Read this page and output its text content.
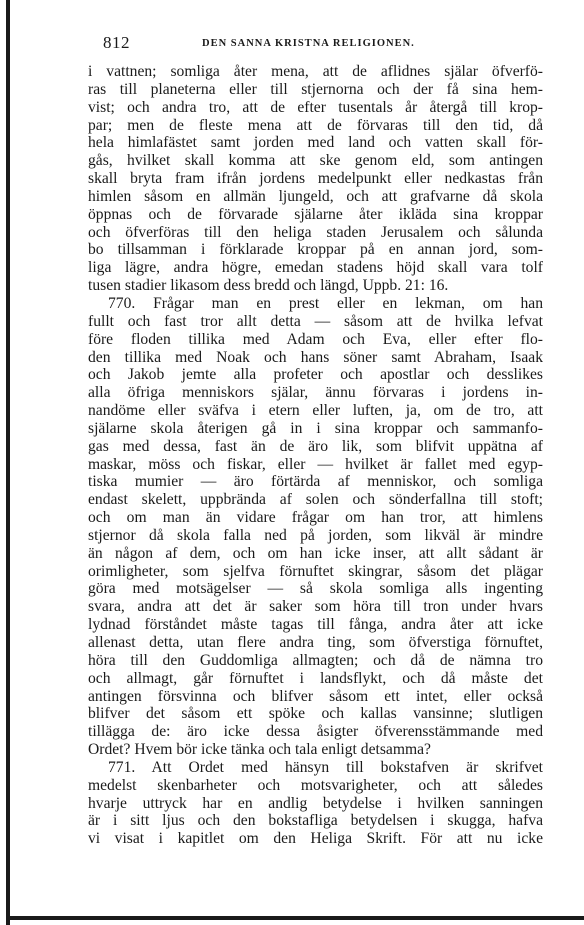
812	DEN SANNA KRISTNA RELIGIONEN.
i vattnen; somliga åter mena, att de aflidnes själar öfverfö-
ras till planeterna eller till stjernorna och der få sina hem-
vist; och andra tro, att de efter tusentals år återgå till krop-
par; men de fleste mena att de förvaras till den tid, då
hela himlafästet samt jorden med land och vatten skall för-
gås, hvilket skall komma att ske genom eld, som antingen
skall bryta fram ifrån jordens medelpunkt eller nedkastas från
himlen såsom en allmän ljungeld, och att grafvarne då skola
öppnas och de förvarade själarne åter ikläda sina kroppar
och öfverföras till den heliga staden Jerusalem och sålunda
bo tillsamman i förklarade kroppar på en annan jord, som-
liga lägre, andra högre, emedan stadens höjd skall vara tolf
tusen stadier likasom dess bredd och längd, Uppb. 21: 16.
770. Frågar man en prest eller en lekman, om han
fullt och fast tror allt detta — såsom att de hvilka lefvat
före floden tillika med Adam och Eva, eller efter flo-
den tillika med Noak och hans söner samt Abraham, Isaak
och Jakob jemte alla profeter och apostlar och desslikes
alla öfriga menniskors själar, ännu förvaras i jordens in-
nandöme eller sväfva i etern eller luften, ja, om de tro, att
själarne skola återigen gå in i sina kroppar och sammanfo-
gas med dessa, fast än de äro lik, som blifvit uppätna af
maskar, möss och fiskar, eller — hvilket är fallet med egyp-
tiska mumier — äro förtärda af menniskor, och somliga
endast skelett, uppbrända af solen och sönderfallna till stoft;
och om man än vidare frågar om han tror, att himlens
stjernor då skola falla ned på jorden, som likväl är mindre
än någon af dem, och om han icke inser, att allt sådant är
orimligheter, som sjelfva förnuftet skingrar, såsom det plägar
göra med motsägelser — så skola somliga alls ingenting
svara, andra att det är saker som höra till tron under hvars
lydnad förståndet måste tagas till fånga, andra åter att icke
allenast detta, utan flere andra ting, som öfverstiga förnuftet,
höra till den Guddomliga allmagten; och då de nämna tro
och allmagt, går förnuftet i landsflykt, och då måste det
antingen försvinna och blifver såsom ett intet, eller också
blifver det såsom ett spöke och kallas vansinne; slutligen
tillägga de: äro icke dessa åsigter öfverensstämmande med
Ordet? Hvem bör icke tänka och tala enligt detsamma?
771. Att Ordet med hänsyn till bokstafven är skrifvet
medelst skenbarheter och motsvarigheter, och att således
hvarje uttryck har en andlig betydelse i hvilken sanningen
är i sitt ljus och den bokstafliga betydelsen i skugga, hafva
vi visat i kapitlet om den Heliga Skrift. För att nu icke
